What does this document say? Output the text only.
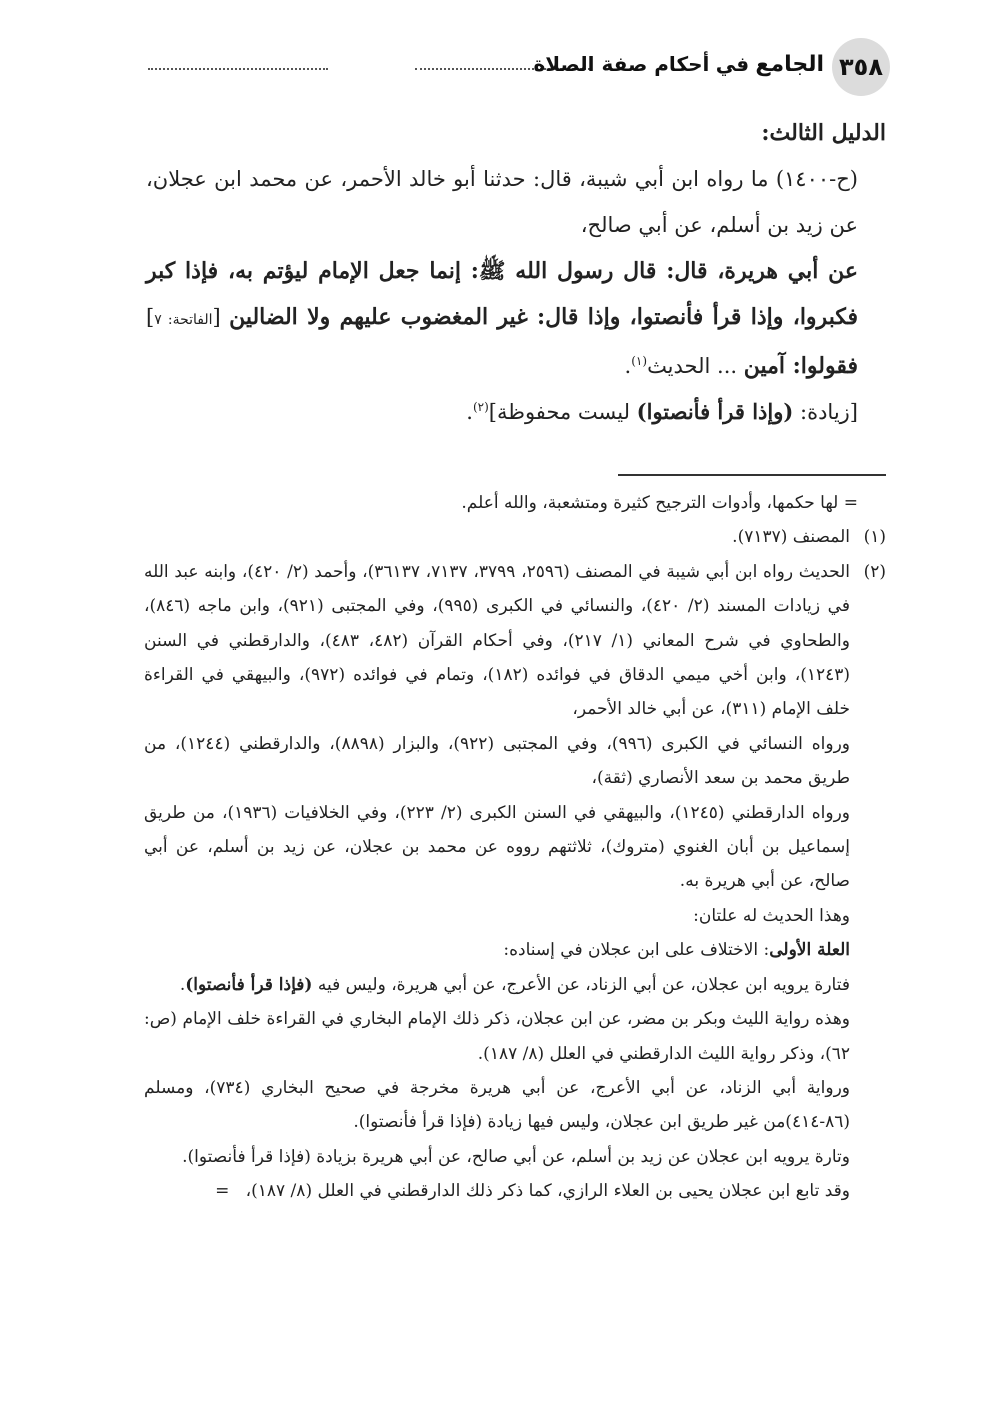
٣٥٨
الجامع في أحكام صفة الصلاة

الدليل الثالث:

(ح-١٤٠٠) ما رواه ابن أبي شيبة، قال: حدثنا أبو خالد الأحمر، عن محمد ابن عجلان، عن زيد بن أسلم، عن أبي صالح،

عن أبي هريرة، قال: قال رسول الله ﷺ: إنما جعل الإمام ليؤتم به، فإذا كبر فكبروا، وإذا قرأ فأنصتوا، وإذا قال: غير المغضوب عليهم ولا الضالين [الفاتحة: ٧] فقولوا: آمين ... الحديث$^{(١)}$.

[زيادة: (وإذا قرأ فأنصتوا) ليست محفوظة]$^{(٢)}$.

= لها حكمها، وأدوات الترجيح كثيرة ومتشعبة، والله أعلم.

(١)
المصنف (٧١٣٧).

(٢)

الحديث رواه ابن أبي شيبة في المصنف (٢٥٩٦، ٣٧٩٩، ٧١٣٧، ٣٦١٣٧)، وأحمد (٢/ ٤٢٠)، وابنه عبد الله في زيادات المسند (٢/ ٤٢٠)، والنسائي في الكبرى (٩٩٥)، وفي المجتبى (٩٢١)، وابن ماجه (٨٤٦)، والطحاوي في شرح المعاني (١/ ٢١٧)، وفي أحكام القرآن (٤٨٢، ٤٨٣)، والدارقطني في السنن (١٢٤٣)، وابن أخي ميمي الدقاق في فوائده (١٨٢)، وتمام في فوائده (٩٧٢)، والبيهقي في القراءة خلف الإمام (٣١١)، عن أبي خالد الأحمر،

ورواه النسائي في الكبرى (٩٩٦)، وفي المجتبى (٩٢٢)، والبزار (٨٨٩٨)، والدارقطني (١٢٤٤)، من طريق محمد بن سعد الأنصاري (ثقة)،

ورواه الدارقطني (١٢٤٥)، والبيهقي في السنن الكبرى (٢/ ٢٢٣)، وفي الخلافيات (١٩٣٦)، من طريق إسماعيل بن أبان الغنوي (متروك)، ثلاثتهم رووه عن محمد بن عجلان، عن زيد بن أسلم، عن أبي صالح، عن أبي هريرة به.

وهذا الحديث له علتان:

العلة الأولى: الاختلاف على ابن عجلان في إسناده:

فتارة يرويه ابن عجلان، عن أبي الزناد، عن الأعرج، عن أبي هريرة، وليس فيه (فإذا قرأ فأنصتوا).

وهذه رواية الليث وبكر بن مضر، عن ابن عجلان، ذكر ذلك الإمام البخاري في القراءة خلف الإمام (ص: ٦٢)، وذكر رواية الليث الدارقطني في العلل (٨/ ١٨٧).

ورواية أبي الزناد، عن أبي الأعرج، عن أبي هريرة مخرجة في صحيح البخاري (٧٣٤)، ومسلم (٨٦-٤١٤)من غير طريق ابن عجلان، وليس فيها زيادة (فإذا قرأ فأنصتوا).

وتارة يرويه ابن عجلان عن زيد بن أسلم، عن أبي صالح، عن أبي هريرة بزيادة (فإذا قرأ فأنصتوا).

وقد تابع ابن عجلان يحيى بن العلاء الرازي، كما ذكر ذلك الدارقطني في العلل (٨/ ١٨٧)،   =
